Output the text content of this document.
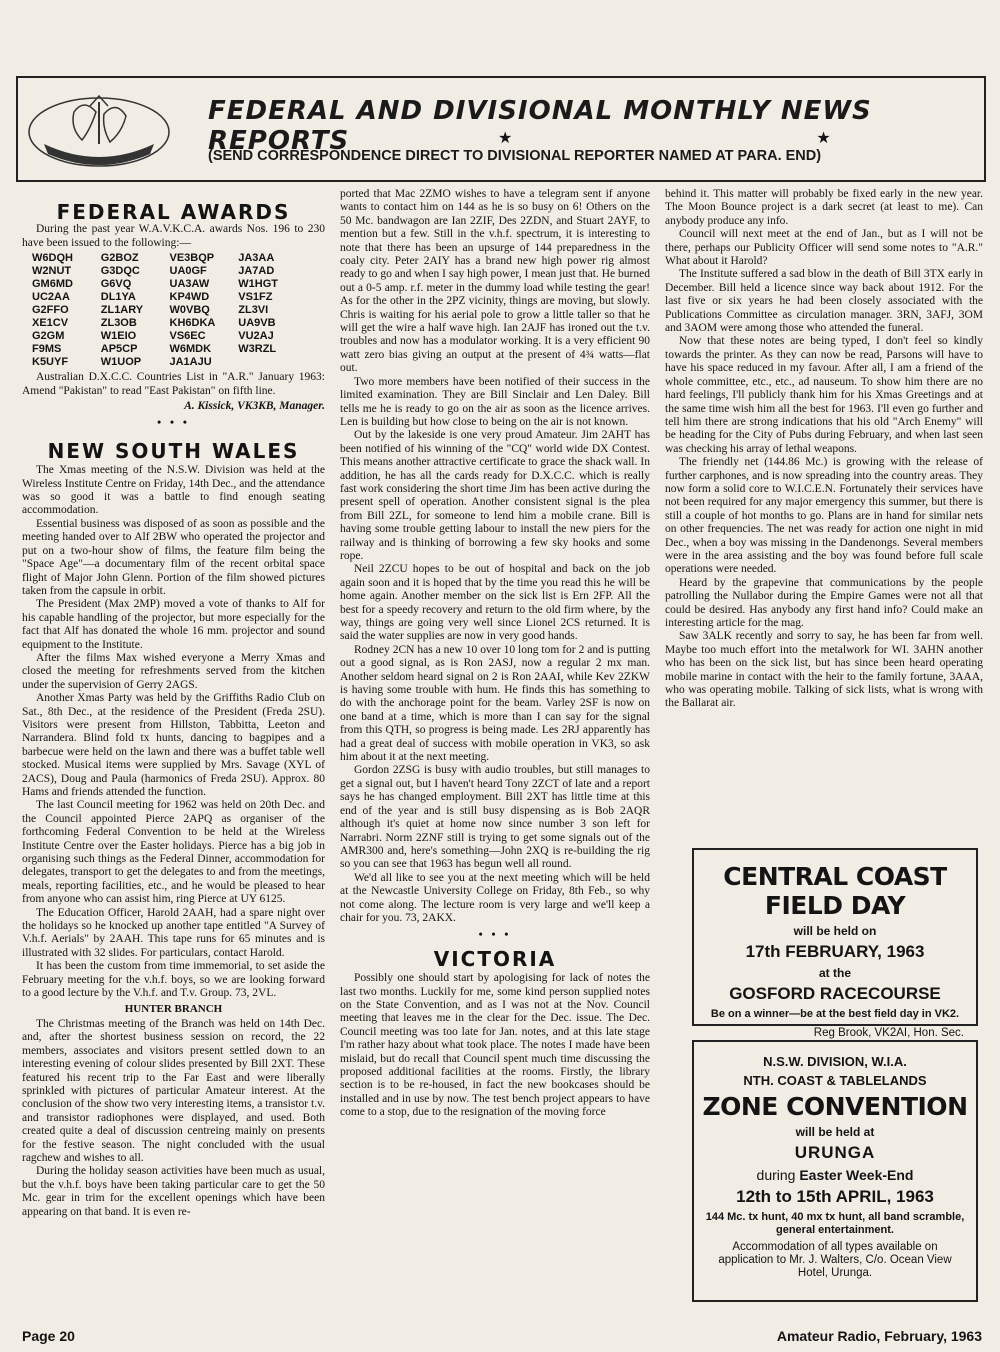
FEDERAL AND DIVISIONAL MONTHLY NEWS REPORTS	★ ★
(SEND CORRESPONDENCE DIRECT TO DIVISIONAL REPORTER NAMED AT PARA. END)
FEDERAL AWARDS

During the past year W.A.V.K.C.A. awards Nos. 196 to 230 have been issued to the following:—

W6DQH	G2BOZ	VE3BQP	JA3AA
W2NUT	G3DQC	UA0GF	JA7AD
GM6MD	G6VQ	UA3AW	W1HGT
UC2AA	DL1YA	KP4WD	VS1FZ
G2FFO	ZL1ARY	W0VBQ	ZL3VI
XE1CV	ZL3OB	KH6DKA	UA9VB
G2GM	W1EIO	VS6EC	VU2AJ
F9MS	AP5CP	W6MDK	W3RZL
K5UYF	W1UOP	JA1AJU

Australian D.X.C.C. Countries List in "A.R." January 1963: Amend "Pakistan" to read "East Pakistan" on fifth line.

A. Kissick, VK3KB, Manager.
• • •
NEW SOUTH WALES

The Xmas meeting of the N.S.W. Division was held at the Wireless Institute Centre on Friday, 14th Dec., and the attendance was so good it was a battle to find enough seating accommodation.

Essential business was disposed of as soon as possible and the meeting handed over to Alf 2BW who operated the projector and put on a two-hour show of films, the feature film being the "Space Age"—a documentary film of the recent orbital space flight of Major John Glenn. Portion of the film showed pictures taken from the capsule in orbit.

The President (Max 2MP) moved a vote of thanks to Alf for his capable handling of the projector, but more especially for the fact that Alf has donated the whole 16 mm. projector and sound equipment to the Institute.

After the films Max wished everyone a Merry Xmas and closed the meeting for refreshments served from the kitchen under the supervision of Gerry 2AGS.

Another Xmas Party was held by the Griffiths Radio Club on Sat., 8th Dec., at the residence of the President (Freda 2SU). Visitors were present from Hillston, Tabbitta, Leeton and Narrandera. Blind fold tx hunts, dancing to bagpipes and a barbecue were held on the lawn and there was a buffet table well stocked. Musical items were supplied by Mrs. Savage (XYL of 2ACS), Doug and Paula (harmonics of Freda 2SU). Approx. 80 Hams and friends attended the function.

The last Council meeting for 1962 was held on 20th Dec. and the Council appointed Pierce 2APQ as organiser of the forthcoming Federal Convention to be held at the Wireless Institute Centre over the Easter holidays. Pierce has a big job in organising such things as the Federal Dinner, accommodation for delegates, transport to get the delegates to and from the meetings, meals, reporting facilities, etc., and he would be pleased to hear from anyone who can assist him, ring Pierce at UY 6125.

The Education Officer, Harold 2AAH, had a spare night over the holidays so he knocked up another tape entitled "A Survey of V.h.f. Aerials" by 2AAH. This tape runs for 65 minutes and is illustrated with 32 slides. For particulars, contact Harold.

It has been the custom from time immemorial, to set aside the February meeting for the v.h.f. boys, so we are looking forward to a good lecture by the V.h.f. and T.v. Group. 73, 2VL.

HUNTER BRANCH

The Christmas meeting of the Branch was held on 14th Dec. and, after the shortest business session on record, the 22 members, associates and visitors present settled down to an interesting evening of colour slides presented by Bill 2XT. These featured his recent trip to the Far East and were liberally sprinkled with pictures of particular Amateur interest. At the conclusion of the show two very interesting items, a transistor t.v. and transistor radiophones were displayed, and used. Both created quite a deal of discussion centreing mainly on presents for the festive season. The night concluded with the usual ragchew and wishes to all.

During the holiday season activities have been much as usual, but the v.h.f. boys have been taking particular care to get the 50 Mc. gear in trim for the excellent openings which have been appearing on that band. It is even re-

ported that Mac 2ZMO wishes to have a telegram sent if anyone wants to contact him on 144 as he is so busy on 6! Others on the 50 Mc. bandwagon are Ian 2ZIF, Des 2ZDN, and Stuart 2AYF, to mention but a few. Still in the v.h.f. spectrum, it is interesting to note that there has been an upsurge of 144 preparedness in the coaly city. Peter 2AIY has a brand new high power rig almost ready to go and when I say high power, I mean just that. He burned out a 0-5 amp. r.f. meter in the dummy load while testing the gear! As for the other in the 2PZ vicinity, things are moving, but slowly. Chris is waiting for his aerial pole to grow a little taller so that he will get the wire a half wave high. Ian 2AJF has ironed out the t.v. troubles and now has a modulator working. It is a very efficient 90 watt zero bias giving an output at the present of 4¾ watts—flat out.

Two more members have been notified of their success in the limited examination. They are Bill Sinclair and Len Daley. Bill tells me he is ready to go on the air as soon as the licence arrives. Len is building but how close to being on the air is not known.

Out by the lakeside is one very proud Amateur. Jim 2AHT has been notified of his winning of the "CQ" world wide DX Contest. This means another attractive certificate to grace the shack wall. In addition, he has all the cards ready for D.X.C.C. which is really fast work considering the short time Jim has been active during the present spell of operation. Another consistent signal is the plea from Bill 2ZL, for someone to lend him a mobile crane. Bill is having some trouble getting labour to install the new piers for the railway and is thinking of borrowing a few sky hooks and some rope.

Neil 2ZCU hopes to be out of hospital and back on the job again soon and it is hoped that by the time you read this he will be home again. Another member on the sick list is Ern 2FP. All the best for a speedy recovery and return to the old firm where, by the way, things are going very well since Lionel 2CS returned. It is said the water supplies are now in very good hands.

Rodney 2CN has a new 10 over 10 long tom for 2 and is putting out a good signal, as is Ron 2ASJ, now a regular 2 mx man. Another seldom heard signal on 2 is Ron 2AAI, while Kev 2ZKW is having some trouble with hum. He finds this has something to do with the anchorage point for the beam. Varley 2SF is now on one band at a time, which is more than I can say for the signal from this QTH, so progress is being made. Les 2RJ apparently has had a great deal of success with mobile operation in VK3, so ask him about it at the next meeting.

Gordon 2ZSG is busy with audio troubles, but still manages to get a signal out, but I haven't heard Tony 2ZCT of late and a report says he has changed employment. Bill 2XT has little time at this end of the year and is still busy dispensing as is Bob 2AQR although it's quiet at home now since number 3 son left for Narrabri. Norm 2ZNF still is trying to get some signals out of the AMR300 and, here's something—John 2XQ is re-building the rig so you can see that 1963 has begun well all round.

We'd all like to see you at the next meeting which will be held at the Newcastle University College on Friday, 8th Feb., so why not come along. The lecture room is very large and we'll keep a chair for you. 73, 2AKX.

• • •
VICTORIA

Possibly one should start by apologising for lack of notes the last two months. Luckily for me, some kind person supplied notes on the State Convention, and as I was not at the Nov. Council meeting that leaves me in the clear for the Dec. issue. The Dec. Council meeting was too late for Jan. notes, and at this late stage I'm rather hazy about what took place. The notes I made have been mislaid, but do recall that Council spent much time discussing the proposed additional facilities at the rooms. Firstly, the library section is to be re-housed, in fact the new bookcases should be installed and in use by now. The test bench project appears to have come to a stop, due to the resignation of the moving force

behind it. This matter will probably be fixed early in the new year. The Moon Bounce project is a dark secret (at least to me). Can anybody produce any info.

Council will next meet at the end of Jan., but as I will not be there, perhaps our Publicity Officer will send some notes to "A.R." What about it Harold?

The Institute suffered a sad blow in the death of Bill 3TX early in December. Bill held a licence since way back about 1912. For the last five or six years he had been closely associated with the Publications Committee as circulation manager. 3RN, 3AFJ, 3OM and 3AOM were among those who attended the funeral.

Now that these notes are being typed, I don't feel so kindly towards the printer. As they can now be read, Parsons will have to have his space reduced in my favour. After all, I am a friend of the whole committee, etc., etc., ad nauseum. To show him there are no hard feelings, I'll publicly thank him for his Xmas Greetings and at the same time wish him all the best for 1963. I'll even go further and tell him there are strong indications that his old "Arch Enemy" will be heading for the City of Pubs during February, and when last seen was checking his array of lethal weapons.

The friendly net (144.86 Mc.) is growing with the release of further carphones, and is now spreading into the country areas. They now form a solid core to W.I.C.E.N. Fortunately their services have not been required for any major emergency this summer, but there is still a couple of hot months to go. Plans are in hand for similar nets on other frequencies. The net was ready for action one night in mid Dec., when a boy was missing in the Dandenongs. Several members were in the area assisting and the boy was found before full scale operations were needed.

Heard by the grapevine that communications by the people patrolling the Nullabor during the Empire Games were not all that could be desired. Has anybody any first hand info? Could make an interesting article for the mag.

Saw 3ALK recently and sorry to say, he has been far from well. Maybe too much effort into the metalwork for WI. 3AHN another who has been on the sick list, but has since been heard operating mobile marine in contact with the heir to the family fortune, 3AAA, who was operating mobile. Talking of sick lists, what is wrong with the Ballarat air.

CENTRAL COAST FIELD DAY
will be held on
17th FEBRUARY, 1963
at the
GOSFORD RACECOURSE
Be on a winner—be at the best field day in VK2.
Reg Brook, VK2AI, Hon. Sec.
N.S.W. DIVISION, W.I.A.
NTH. COAST & TABLELANDS
ZONE CONVENTION
will be held at
URUNGA
during Easter Week-End
12th to 15th APRIL, 1963
144 Mc. tx hunt, 40 mx tx hunt, all band scramble, general entertainment.
Accommodation of all types available on application to Mr. J. Walters, C/o. Ocean View Hotel, Urunga.
Page 20	Amateur Radio, February, 1963
